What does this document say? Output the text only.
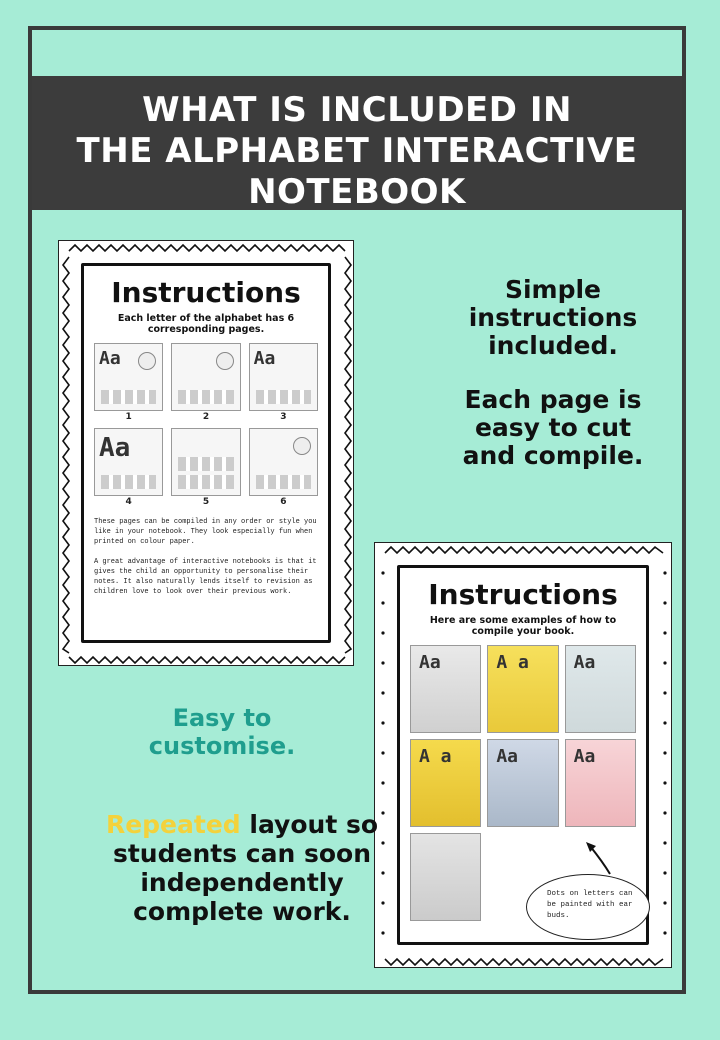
WHAT IS INCLUDED IN
THE ALPHABET INTERACTIVE
NOTEBOOK
Instructions
Each letter of the alphabet has 6 corresponding pages.
Aa
1	2
Aa
3
Aa
4	5	6
These pages can be compiled in any order or style you like in your notebook. They look especially fun when printed on colour paper.
A great advantage of interactive notebooks is that it gives the child an opportunity to personalise their notes. It also naturally lends itself to revision as children love to look over their previous work.	Instructions
Here are some examples of how to compile your book.
Aa	A a Aa
A a Aa	Aa
Dots on letters can be painted with ear buds.
Simple
instructions
included.
Each page is
easy to cut
and compile.
Easy to
customise.
Repeated layout so
students can soon
independently
complete work.
